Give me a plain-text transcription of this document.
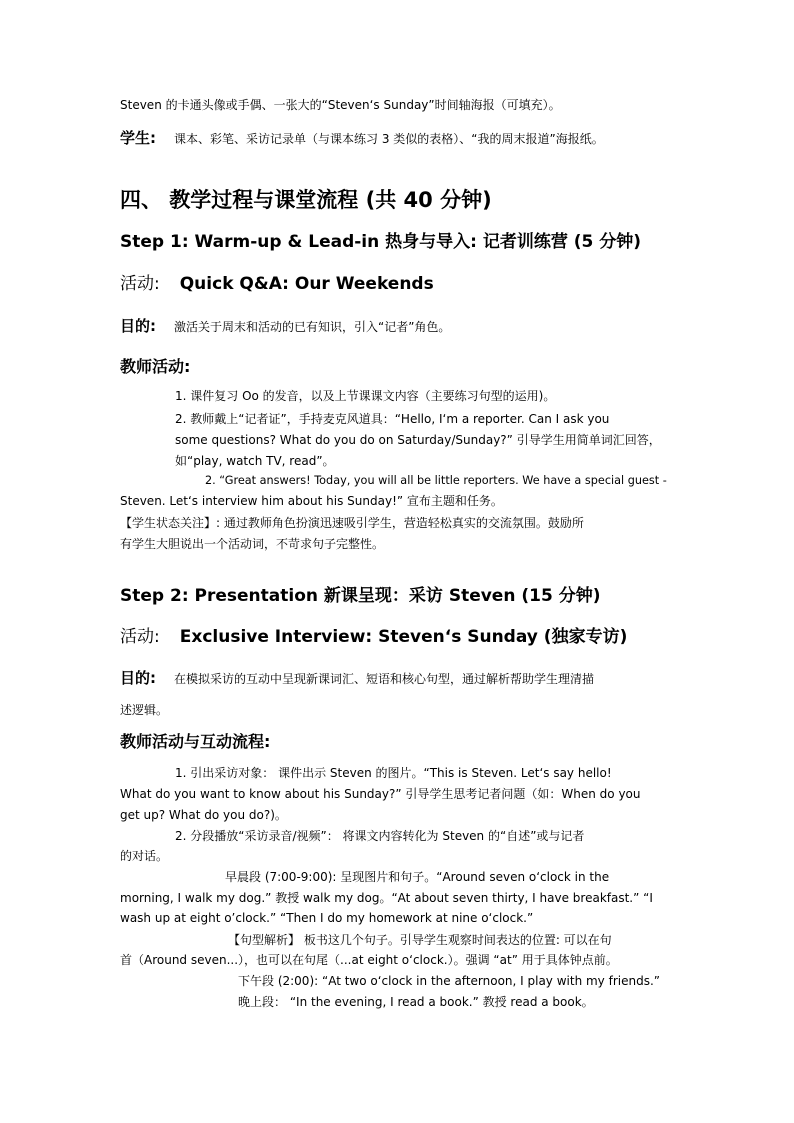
Steven 的卡通头像或手偶、一张大的“Steven‘s Sunday”时间轴海报（可填充）。

学生: 课本、彩笔、采访记录单（与课本练习 3 类似的表格）、“我的周末报道”海报纸。

四、 教学过程与课堂流程 (共 40 分钟)

Step 1: Warm-up & Lead-in 热身与导入: 记者训练营 (5 分钟)

活动: Quick Q&A: Our Weekends

目的: 激活关于周末和活动的已有知识，引入“记者”角色。

教师活动:

1. 课件复习 Oo 的发音，以及上节课课文内容（主要练习句型的运用)。

2. 教师戴上“记者证”，手持麦克风道具：“Hello, I‘m a reporter. Can I ask you

some questions? What do you do on Saturday/Sunday?” 引导学生用简单词汇回答，

如“play, watch TV, read”。

2. “Great answers! Today, you will all be little reporters. We have a special guest -

Steven. Let‘s interview him about his Sunday!” 宣布主题和任务。

【学生状态关注】: 通过教师角色扮演迅速吸引学生，营造轻松真实的交流氛围。鼓励所

有学生大胆说出一个活动词，不苛求句子完整性。

Step 2: Presentation 新课呈现：采访 Steven (15 分钟)

活动: Exclusive Interview: Steven‘s Sunday (独家专访)

目的: 在模拟采访的互动中呈现新课词汇、短语和核心句型，通过解析帮助学生理清描

述逻辑。

教师活动与互动流程:

1. 引出采访对象： 课件出示 Steven 的图片。“This is Steven. Let‘s say hello!

What do you want to know about his Sunday?” 引导学生思考记者问题（如：When do you

get up? What do you do?)。

2. 分段播放“采访录音/视频”： 将课文内容转化为 Steven 的“自述”或与记者

的对话。

早晨段 (7:00-9:00): 呈现图片和句子。“Around seven o‘clock in the

morning, I walk my dog.” 教授 walk my dog。“At about seven thirty, I have breakfast.” “I

wash up at eight o’clock.” “Then I do my homework at nine o‘clock.”

【句型解析】 板书这几个句子。引导学生观察时间表达的位置: 可以在句

首（Around seven...），也可以在句尾（...at eight o‘clock.）。强调 “at” 用于具体钟点前。

下午段 (2:00): “At two o‘clock in the afternoon, I play with my friends.”

晚上段： “In the evening, I read a book.” 教授 read a book。
